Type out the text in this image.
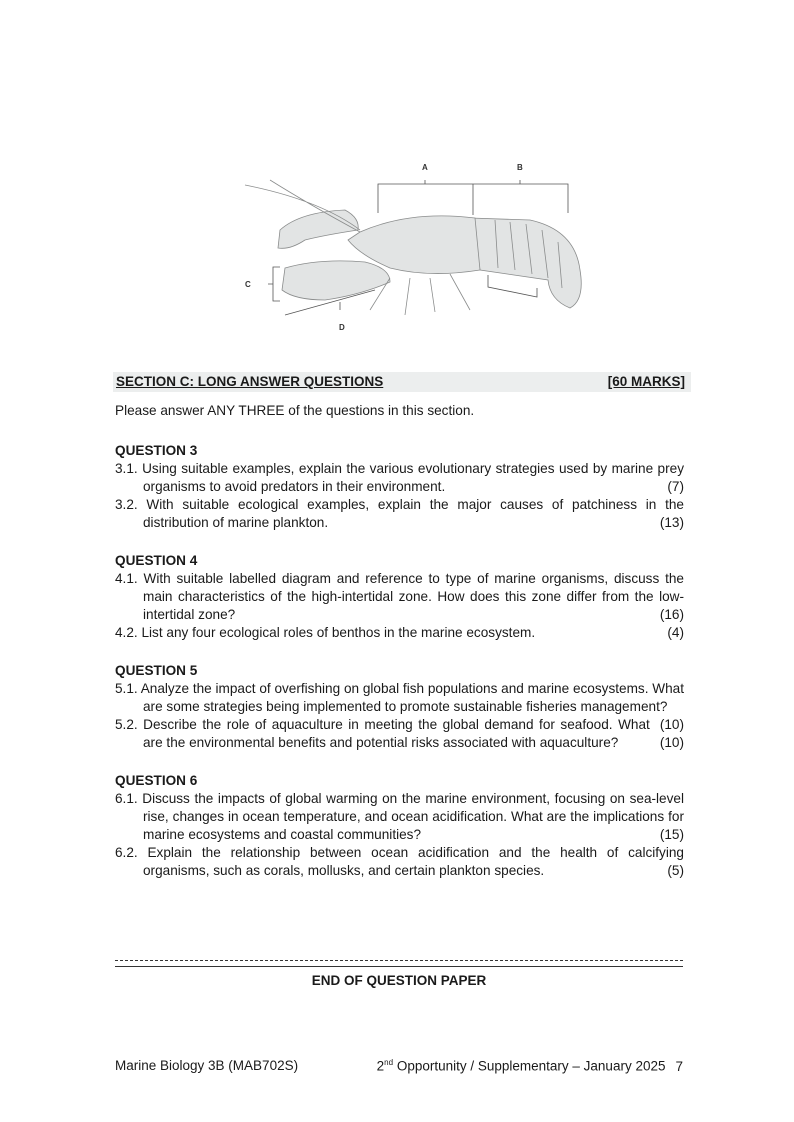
A	B
C
D
SECTION C: LONG ANSWER QUESTIONS	[60 MARKS]

Please answer ANY THREE of the questions in this section.

QUESTION 3

3.1. Using suitable examples, explain the various evolutionary strategies used by marine prey organisms to avoid predators in their environment.	(7)

3.2. With suitable ecological examples, explain the major causes of patchiness in the distribution of marine plankton.	(13)

QUESTION 4

4.1. With suitable labelled diagram and reference to type of marine organisms, discuss the main characteristics of the high-intertidal zone. How does this zone differ from the low-intertidal zone?	(16)

4.2. List any four ecological roles of benthos in the marine ecosystem.	(4)

QUESTION 5

5.1. Analyze the impact of overfishing on global fish populations and marine ecosystems. What are some strategies being implemented to promote sustainable fisheries management?
(10)

5.2. Describe the role of aquaculture in meeting the global demand for seafood. What are the environmental benefits and potential risks associated with aquaculture?	(10)

QUESTION 6

6.1. Discuss the impacts of global warming on the marine environment, focusing on sea-level rise, changes in ocean temperature, and ocean acidification. What are the implications for marine ecosystems and coastal communities?	(15)

6.2. Explain the relationship between ocean acidification and the health of calcifying organisms, such as corals, mollusks, and certain plankton species.	(5)

END OF QUESTION PAPER
Marine Biology 3B (MAB702S)	2nd Opportunity / Supplementary – January 2025 7
